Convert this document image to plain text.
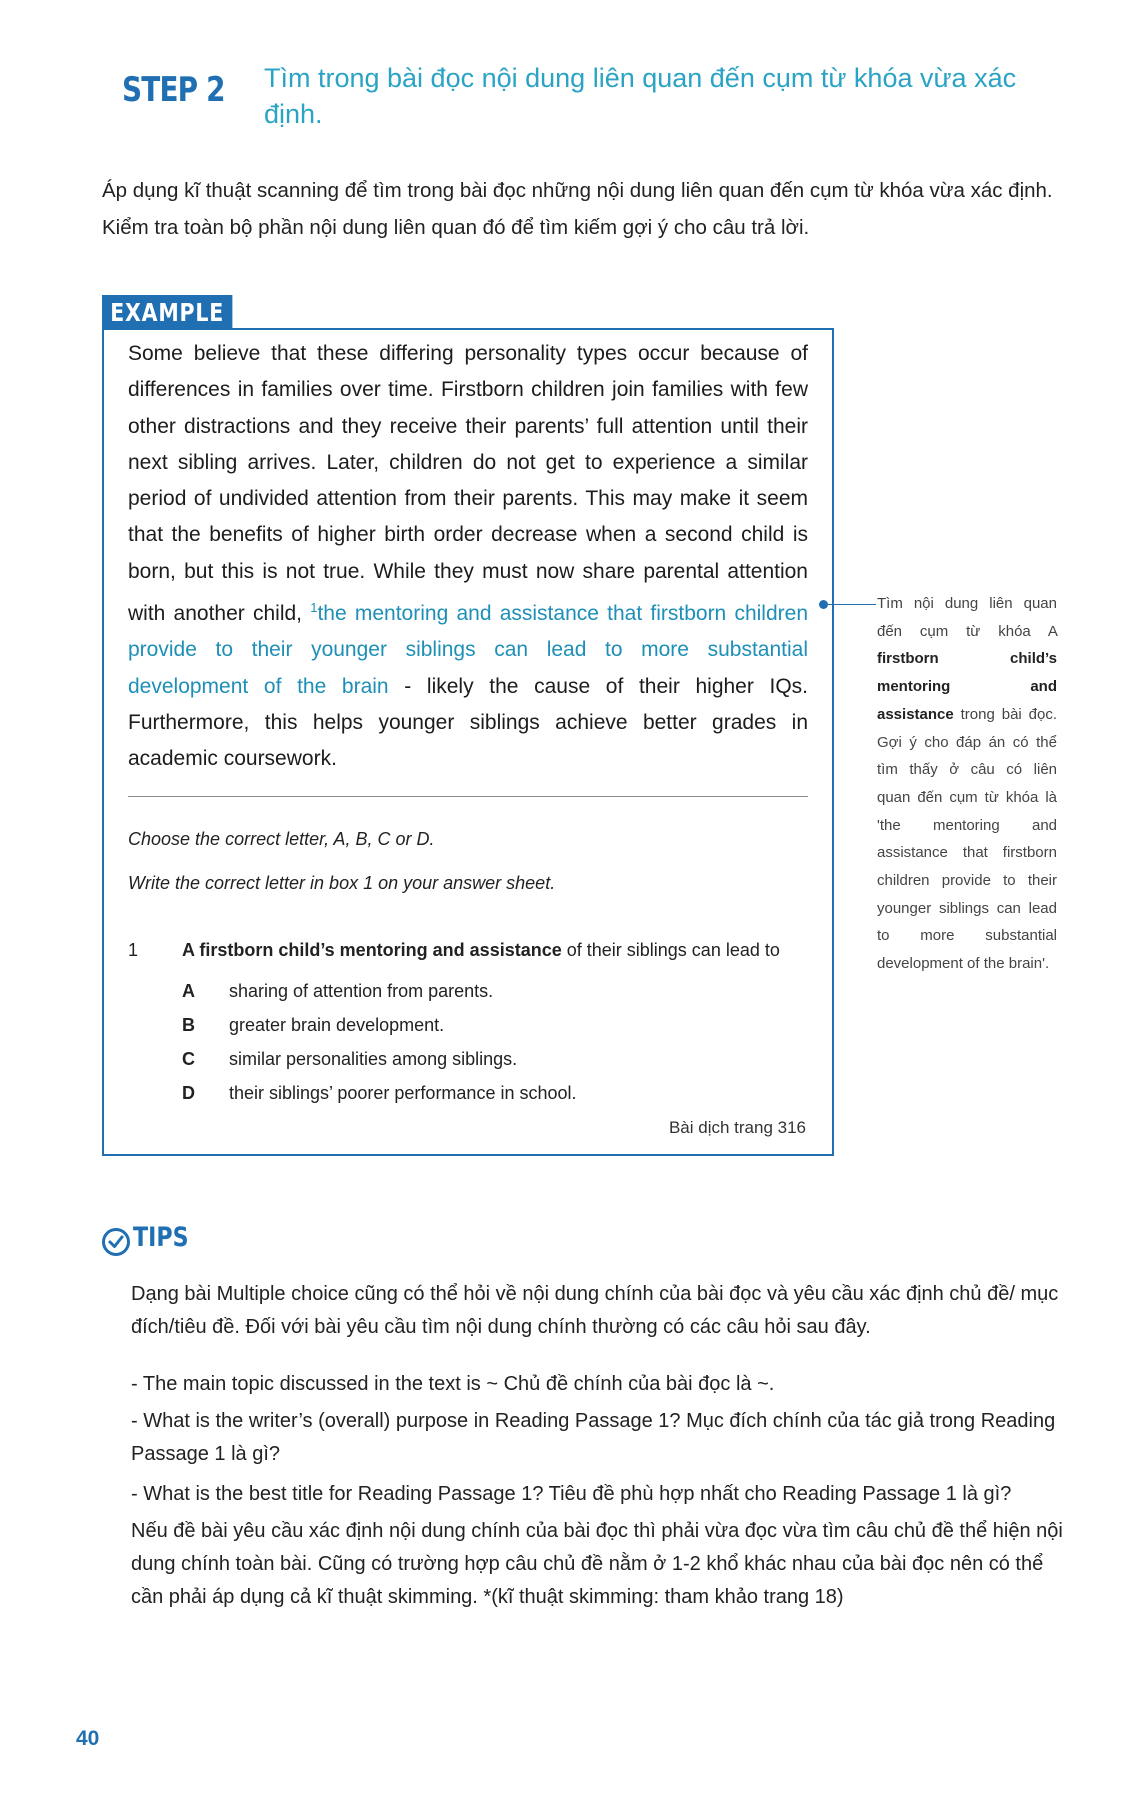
STEP 2 Tìm trong bài đọc nội dung liên quan đến cụm từ khóa vừa xác định.
Áp dụng kĩ thuật scanning để tìm trong bài đọc những nội dung liên quan đến cụm từ khóa vừa xác định. Kiểm tra toàn bộ phần nội dung liên quan đó để tìm kiếm gợi ý cho câu trả lời.
EXAMPLE
Some believe that these differing personality types occur because of differences in families over time. Firstborn children join families with few other distractions and they receive their parents’ full attention until their next sibling arrives. Later, children do not get to experience a similar period of undivided attention from their parents. This may make it seem that the benefits of higher birth order decrease when a second child is born, but this is not true. While they must now share parental attention with another child, $^1$the mentoring and assistance that firstborn children provide to their younger siblings can lead to more substantial development of the brain - likely the cause of their higher IQs. Furthermore, this helps younger siblings achieve better grades in academic coursework.
Choose the correct letter, A, B, C or D.
Write the correct letter in box 1 on your answer sheet.
1 A firstborn child’s mentoring and assistance of their siblings can lead to
A sharing of attention from parents.
B greater brain development.
C similar personalities among siblings.
D their siblings’ poorer performance in school.
Bài dịch trang 316
Tìm nội dung liên quan đến cụm từ khóa A firstborn child’s mentoring and assistance trong bài đọc. Gợi ý cho đáp án có thể tìm thấy ở câu có liên quan đến cụm từ khóa là 'the mentoring and assistance that firstborn children provide to their younger siblings can lead to more substantial development of the brain'.
TIPS
Dạng bài Multiple choice cũng có thể hỏi về nội dung chính của bài đọc và yêu cầu xác định chủ đề/ mục đích/tiêu đề. Đối với bài yêu cầu tìm nội dung chính thường có các câu hỏi sau đây.
- The main topic discussed in the text is ~ Chủ đề chính của bài đọc là ~.
- What is the writer’s (overall) purpose in Reading Passage 1? Mục đích chính của tác giả trong Reading Passage 1 là gì?
- What is the best title for Reading Passage 1? Tiêu đề phù hợp nhất cho Reading Passage 1 là gì?
Nếu đề bài yêu cầu xác định nội dung chính của bài đọc thì phải vừa đọc vừa tìm câu chủ đề thể hiện nội dung chính toàn bài. Cũng có trường hợp câu chủ đề nằm ở 1-2 khổ khác nhau của bài đọc nên có thể cần phải áp dụng cả kĩ thuật skimming. *(kĩ thuật skimming: tham khảo trang 18)
40
